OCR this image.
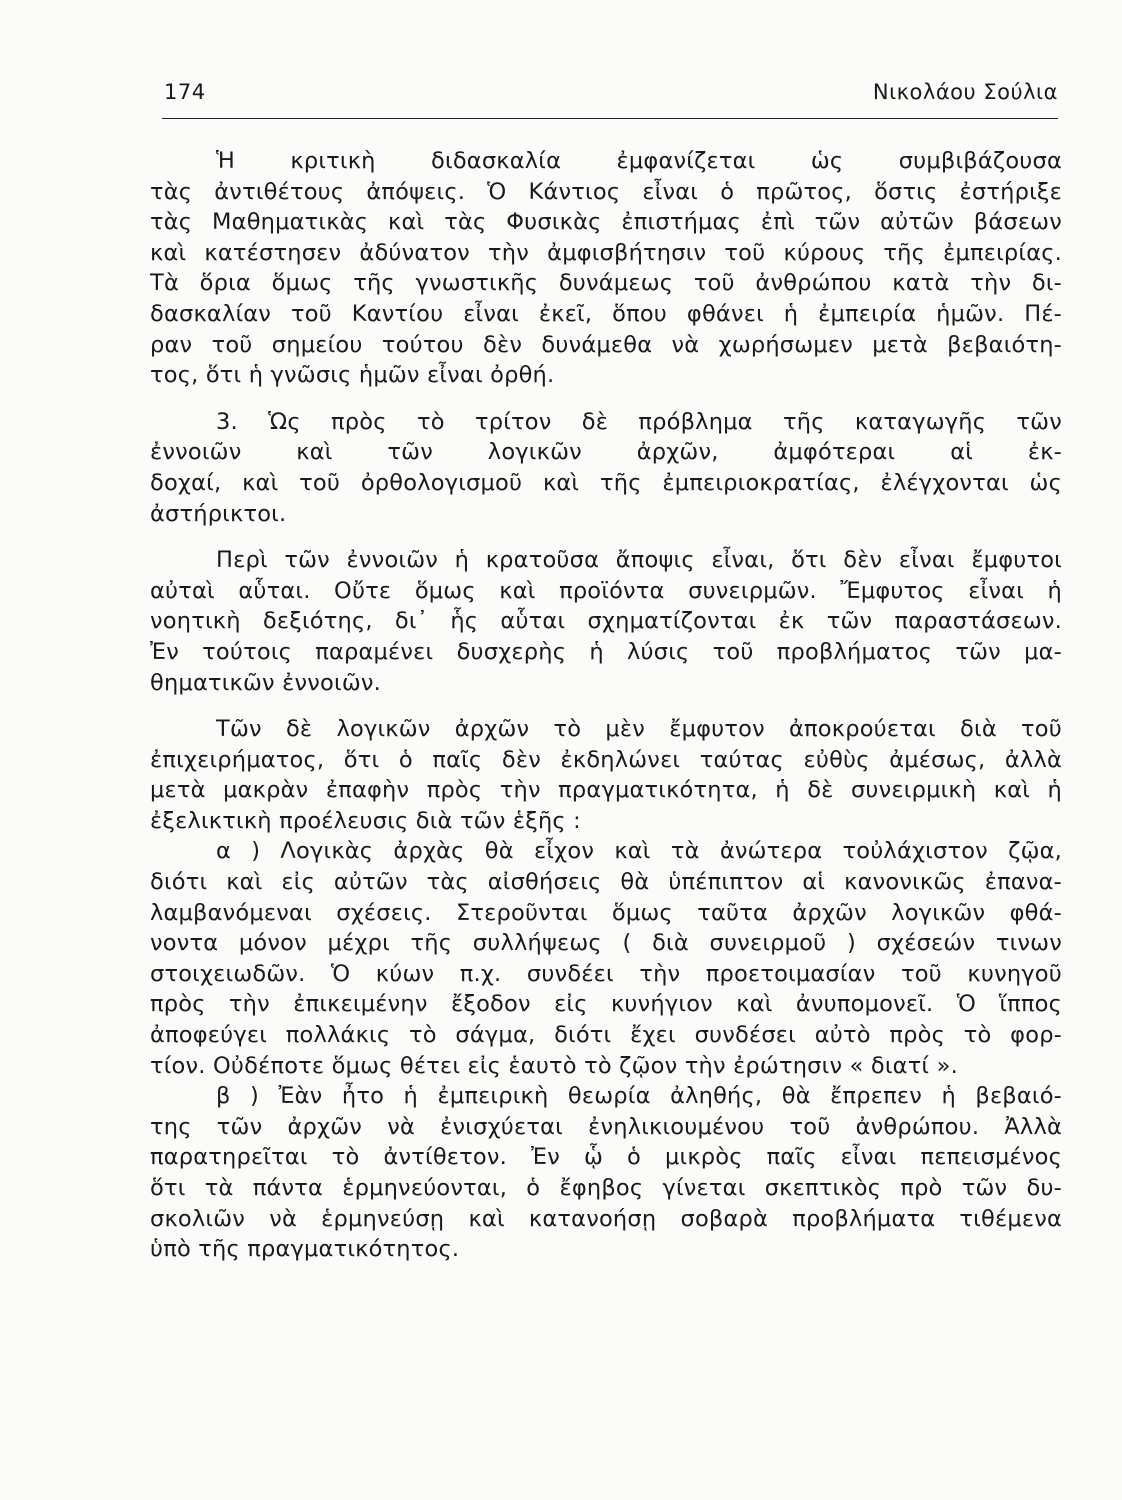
174	Νικολάου Σούλια
Ἡ κριτικὴ διδασκαλία ἐμφανίζεται ὡς συμβιβάζουσα
τὰς ἀντιθέτους ἀπόψεις. Ὁ Κάντιος εἶναι ὁ πρῶτος, ὅστις ἐστήριξε
τὰς Μαθηματικὰς καὶ τὰς Φυσικὰς ἐπιστήμας ἐπὶ τῶν αὐτῶν βάσεων
καὶ κατέστησεν ἀδύνατον τὴν ἀμφισβήτησιν τοῦ κύρους τῆς ἐμπειρίας.
Τὰ ὅρια ὅμως τῆς γνωστικῆς δυνάμεως τοῦ ἀνθρώπου κατὰ τὴν δι-
δασκαλίαν τοῦ Καντίου εἶναι ἐκεῖ, ὅπου φθάνει ἡ ἐμπειρία ἡμῶν. Πέ-
ραν τοῦ σημείου τούτου δὲν δυνάμεθα νὰ χωρήσωμεν μετὰ βεβαιότη-
τος, ὅτι ἡ γνῶσις ἡμῶν εἶναι ὀρθή.
3. Ὡς πρὸς τὸ τρίτον δὲ πρόβλημα τῆς καταγωγῆς τῶν
ἐννοιῶν καὶ τῶν λογικῶν ἀρχῶν, ἀμφότεραι αἱ ἐκ-
δοχαί, καὶ τοῦ ὀρθολογισμοῦ καὶ τῆς ἐμπειριοκρατίας, ἐλέγχονται ὡς
ἀστήρικτοι.
Περὶ τῶν ἐννοιῶν ἡ κρατοῦσα ἄποψις εἶναι, ὅτι δὲν εἶναι ἔμφυτοι
αὐταὶ αὗται. Οὔτε ὅμως καὶ προϊόντα συνειρμῶν. Ἔμφυτος εἶναι ἡ
νοητικὴ δεξιότης, δι᾿ ἧς αὗται σχηματίζονται ἐκ τῶν παραστάσεων.
Ἐν τούτοις παραμένει δυσχερὴς ἡ λύσις τοῦ προβλήματος τῶν μα-
θηματικῶν ἐννοιῶν.
Τῶν δὲ λογικῶν ἀρχῶν τὸ μὲν ἔμφυτον ἀποκρούεται διὰ τοῦ
ἐπιχειρήματος, ὅτι ὁ παῖς δὲν ἐκδηλώνει ταύτας εὐθὺς ἀμέσως, ἀλλὰ
μετὰ μακρὰν ἐπαφὴν πρὸς τὴν πραγματικότητα, ἡ δὲ συνειρμικὴ καὶ ἡ
ἐξελικτικὴ προέλευσις διὰ τῶν ἑξῆς :
α ) Λογικὰς ἀρχὰς θὰ εἶχον καὶ τὰ ἀνώτερα τοὐλάχιστον ζῷα,
διότι καὶ εἰς αὐτῶν τὰς αἰσθήσεις θὰ ὑπέπιπτον αἱ κανονικῶς ἐπανα-
λαμβανόμεναι σχέσεις. Στεροῦνται ὅμως ταῦτα ἀρχῶν λογικῶν φθά-
νοντα μόνον μέχρι τῆς συλλήψεως ( διὰ συνειρμοῦ ) σχέσεών τινων
στοιχειωδῶν. Ὁ κύων π.χ. συνδέει τὴν προετοιμασίαν τοῦ κυνηγοῦ
πρὸς τὴν ἐπικειμένην ἔξοδον εἰς κυνήγιον καὶ ἀνυπομονεῖ. Ὁ ἵππος
ἀποφεύγει πολλάκις τὸ σάγμα, διότι ἔχει συνδέσει αὐτὸ πρὸς τὸ φορ-
τίον. Οὐδέποτε ὅμως θέτει εἰς ἑαυτὸ τὸ ζῷον τὴν ἐρώτησιν « διατί ».
β ) Ἐὰν ἦτο ἡ ἐμπειρικὴ θεωρία ἀληθής, θὰ ἔπρεπεν ἡ βεβαιό-
της τῶν ἀρχῶν νὰ ἐνισχύεται ἐνηλικιουμένου τοῦ ἀνθρώπου. Ἀλλὰ
παρατηρεῖται τὸ ἀντίθετον. Ἐν ᾧ ὁ μικρὸς παῖς εἶναι πεπεισμένος
ὅτι τὰ πάντα ἑρμηνεύονται, ὁ ἔφηβος γίνεται σκεπτικὸς πρὸ τῶν δυ-
σκολιῶν νὰ ἑρμηνεύσῃ καὶ κατανοήσῃ σοβαρὰ προβλήματα τιθέμενα
ὑπὸ τῆς πραγματικότητος.
